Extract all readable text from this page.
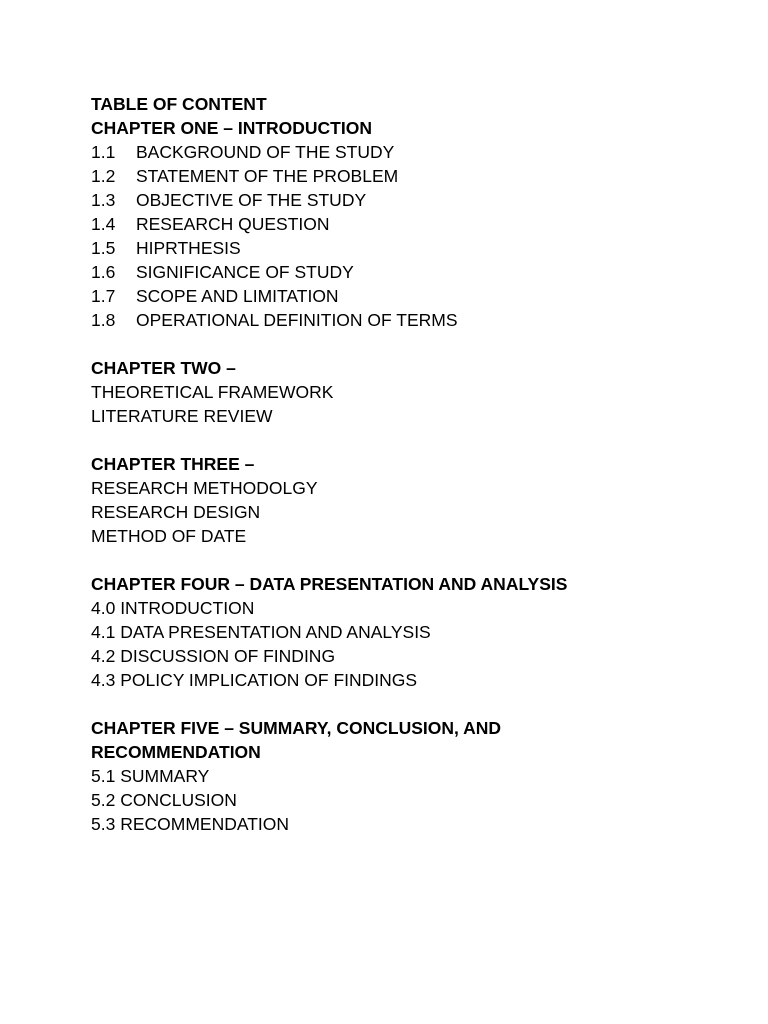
TABLE OF CONTENT
CHAPTER ONE – INTRODUCTION
1.1 BACKGROUND OF THE STUDY
1.2 STATEMENT OF THE PROBLEM
1.3 OBJECTIVE OF THE STUDY
1.4 RESEARCH QUESTION
1.5 HIPRTHESIS
1.6 SIGNIFICANCE OF STUDY
1.7 SCOPE AND LIMITATION
1.8 OPERATIONAL DEFINITION OF TERMS
CHAPTER TWO –
THEORETICAL FRAMEWORK
LITERATURE REVIEW
CHAPTER THREE –
RESEARCH METHODOLGY
RESEARCH DESIGN
METHOD OF DATE
CHAPTER FOUR – DATA PRESENTATION AND ANALYSIS
4.0 INTRODUCTION
4.1 DATA PRESENTATION AND ANALYSIS
4.2 DISCUSSION OF FINDING
4.3 POLICY IMPLICATION OF FINDINGS
CHAPTER FIVE – SUMMARY, CONCLUSION, AND
RECOMMENDATION
5.1 SUMMARY
5.2 CONCLUSION
5.3 RECOMMENDATION
